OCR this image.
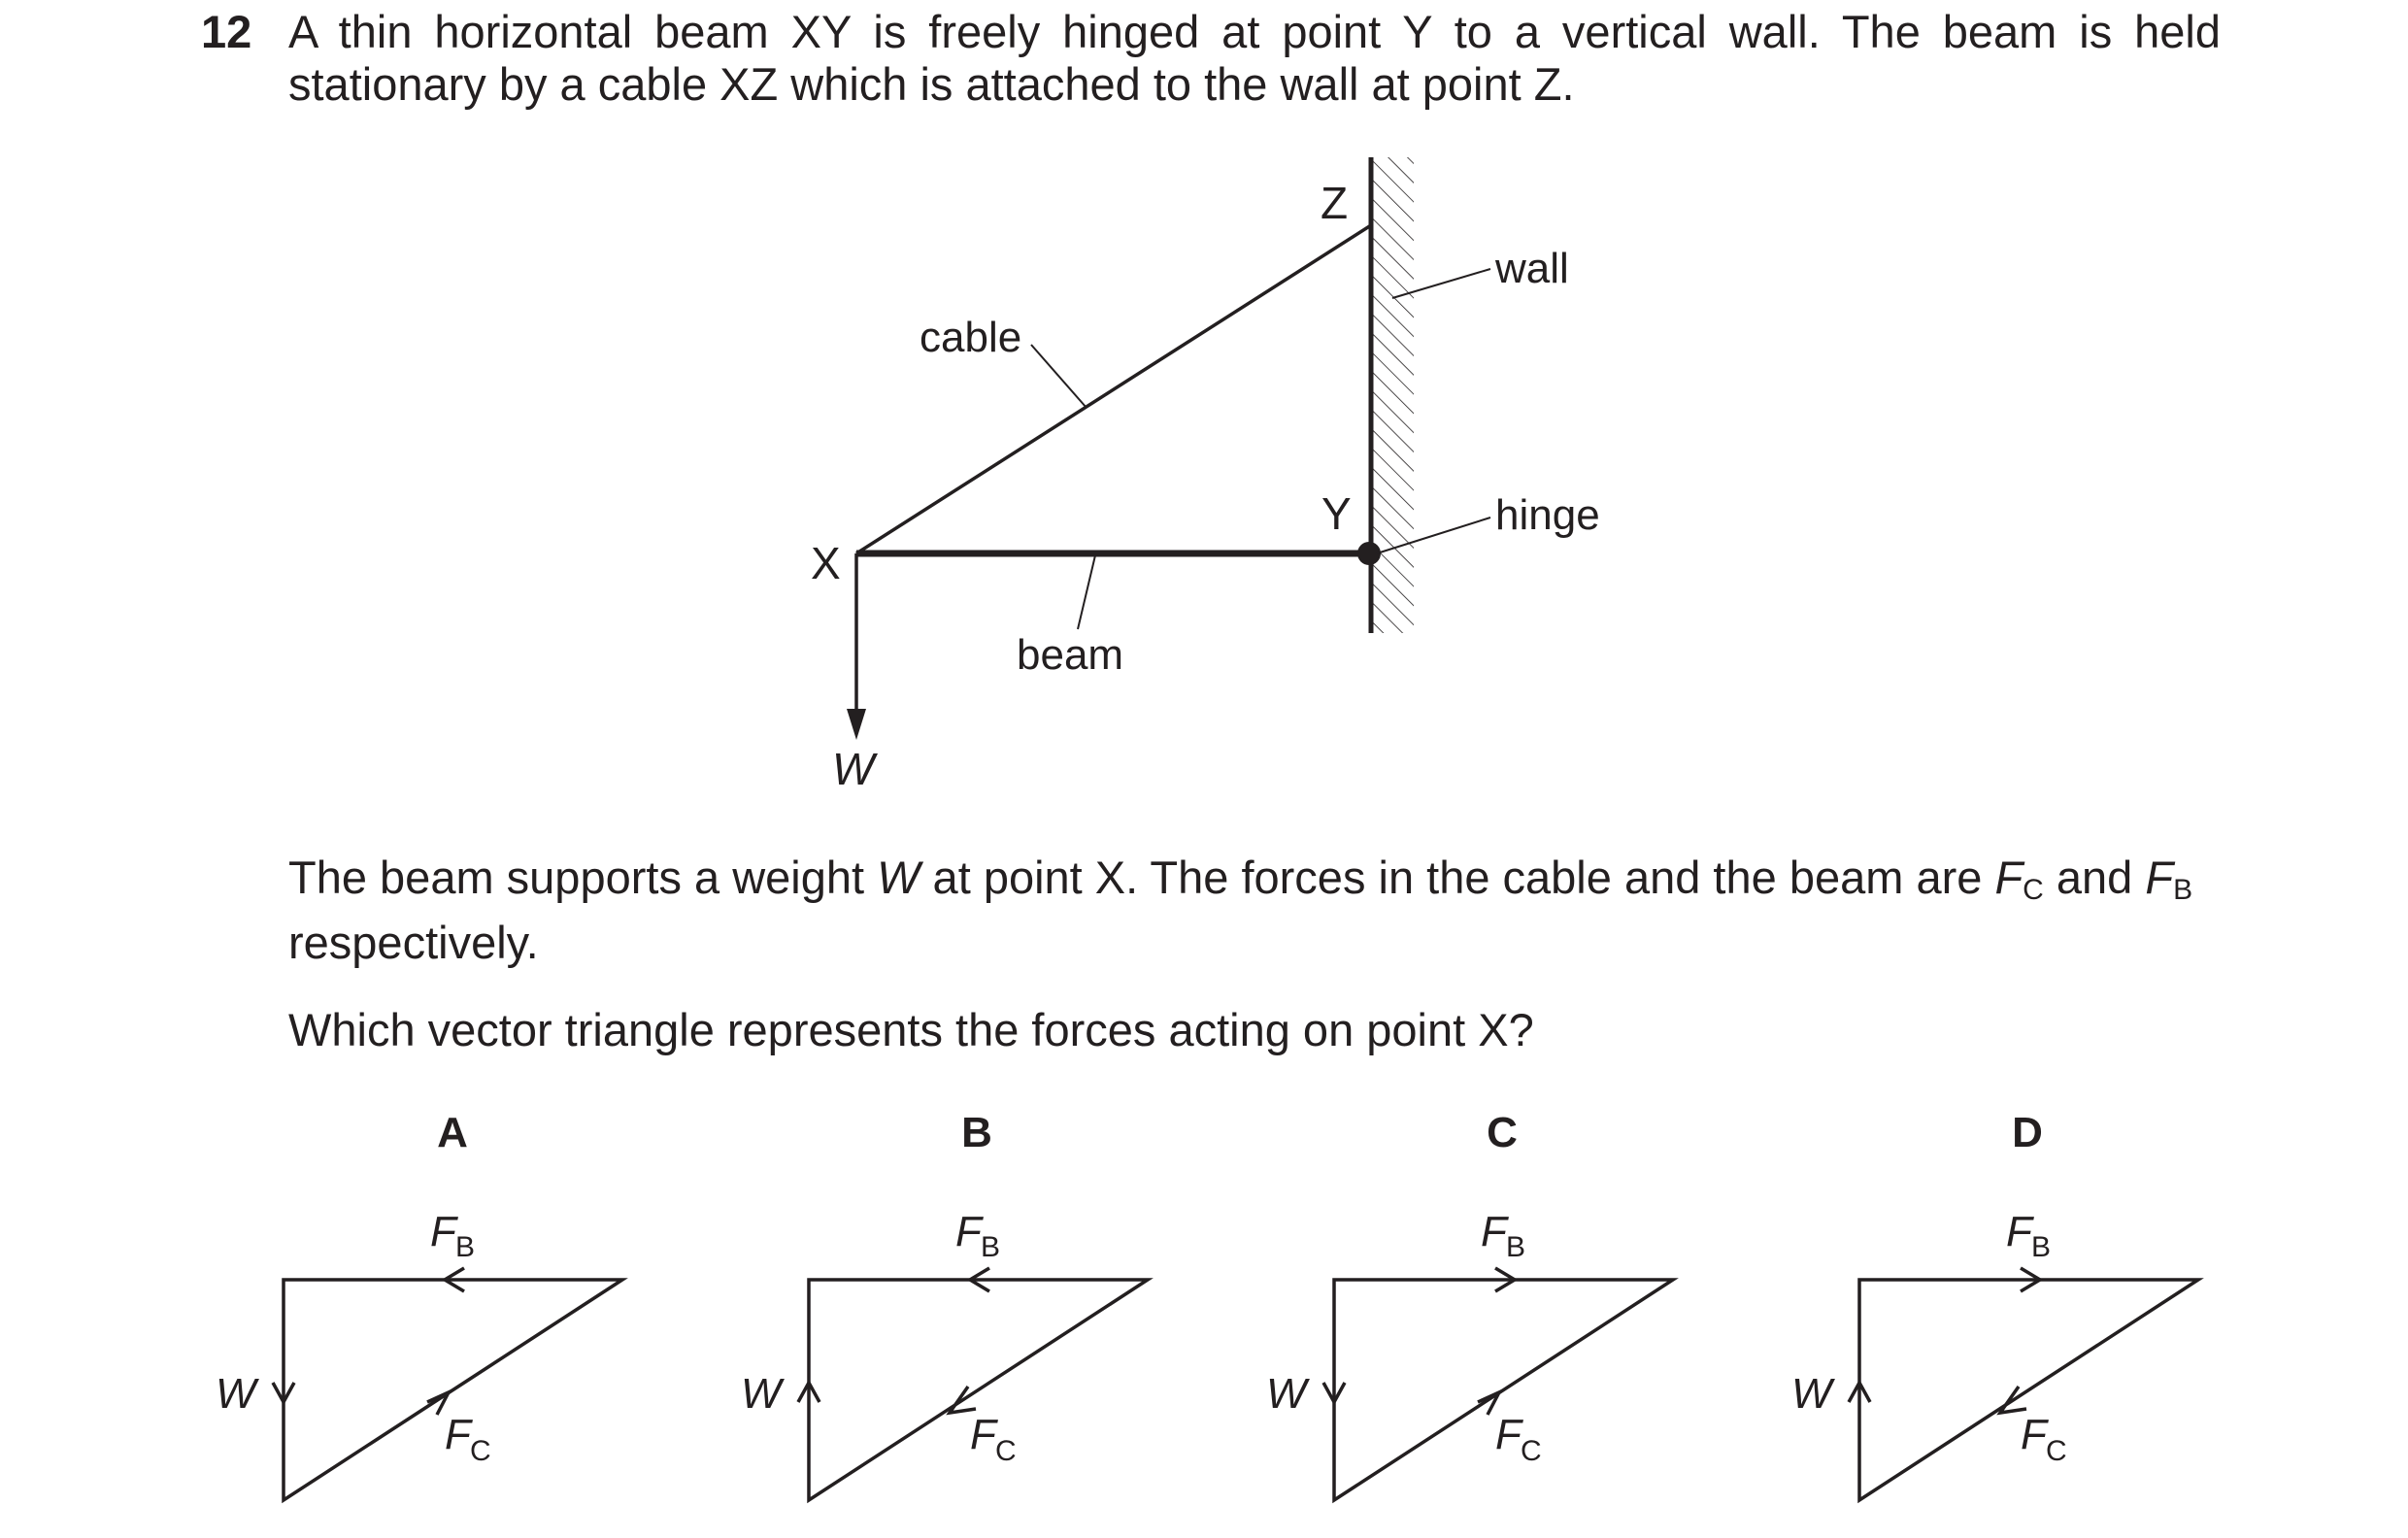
12 A thin horizontal beam XY is freely hinged at point Y to a vertical wall. The beam is held

stationary by a cable XZ which is attached to the wall at point Z.

X
Y
Z
cable
wall
hinge
beam
W
The beam supports a weight W at point X. The forces in the cable and the beam are $F_C$ and $F_B$
respectively.
Which vector triangle represents the forces acting on point X?
A
F B
W
F C
B
F B
W
F C
C
F B
W
F C
D
F B
W
F C
